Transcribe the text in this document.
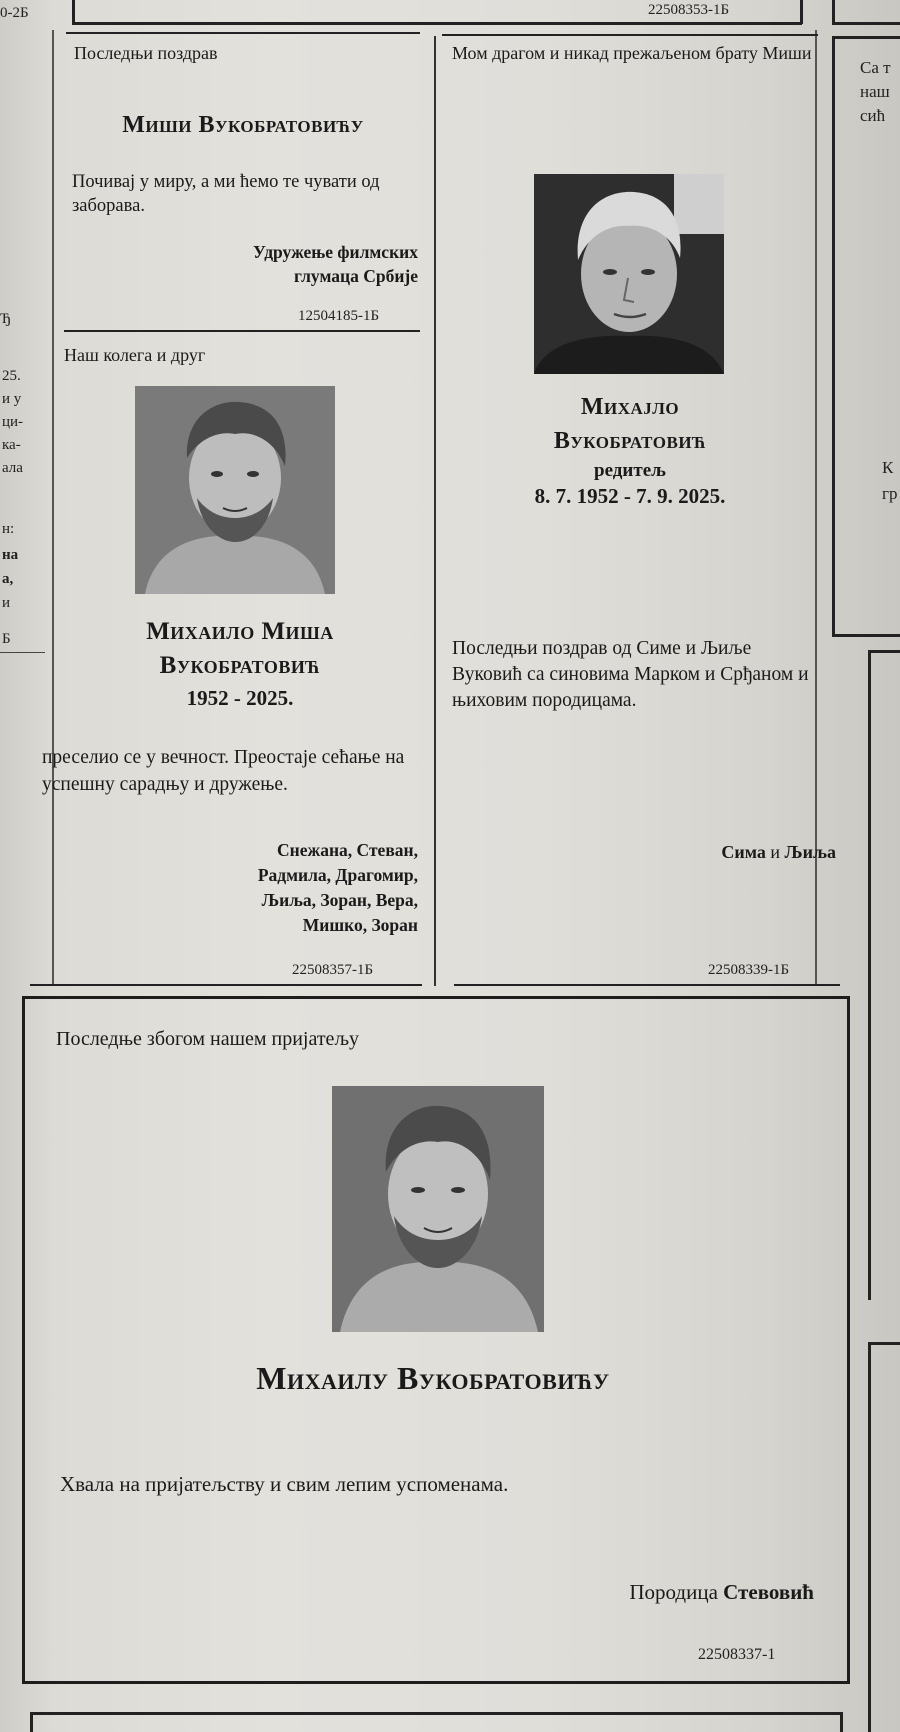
0-2Б	22508353-1Б
Ђ
25.
и у
ци-
ка-
ала
н:
на
а,
и
Б
Са т
наш
сић
К
гр
Последњи поздрав
Миши Вукобратовићу
Почивај у миру, а ми ћемо те чувати од заборава.
Удружење филмских
глумаца Србије
12504185-1Б
Наш колега и друг
Михаило Миша
Вукобратовић
1952 - 2025.
преселио се у вечност. Преостаје сећање на успешну сарадњу и дружење.
Снежана, Стеван,
Радмила, Драгомир,
Љиља, Зоран, Вера,
Мишко, Зоран
22508357-1Б
Мом драгом и никад прежаљеном брату Миши
Михајло
Вукобратовић
редитељ
8. 7. 1952 - 7. 9. 2025.
Последњи поздрав од Симе и Љиље Вуковић са синовима Марком и Срђаном и њиховим породицама.
Сима и Љиља
22508339-1Б
Последње збогом нашем пријатељу
Михаилу Вукобратовићу
Хвала на пријатељству и свим лепим успоменама.
Породица Стевовић
22508337-1
